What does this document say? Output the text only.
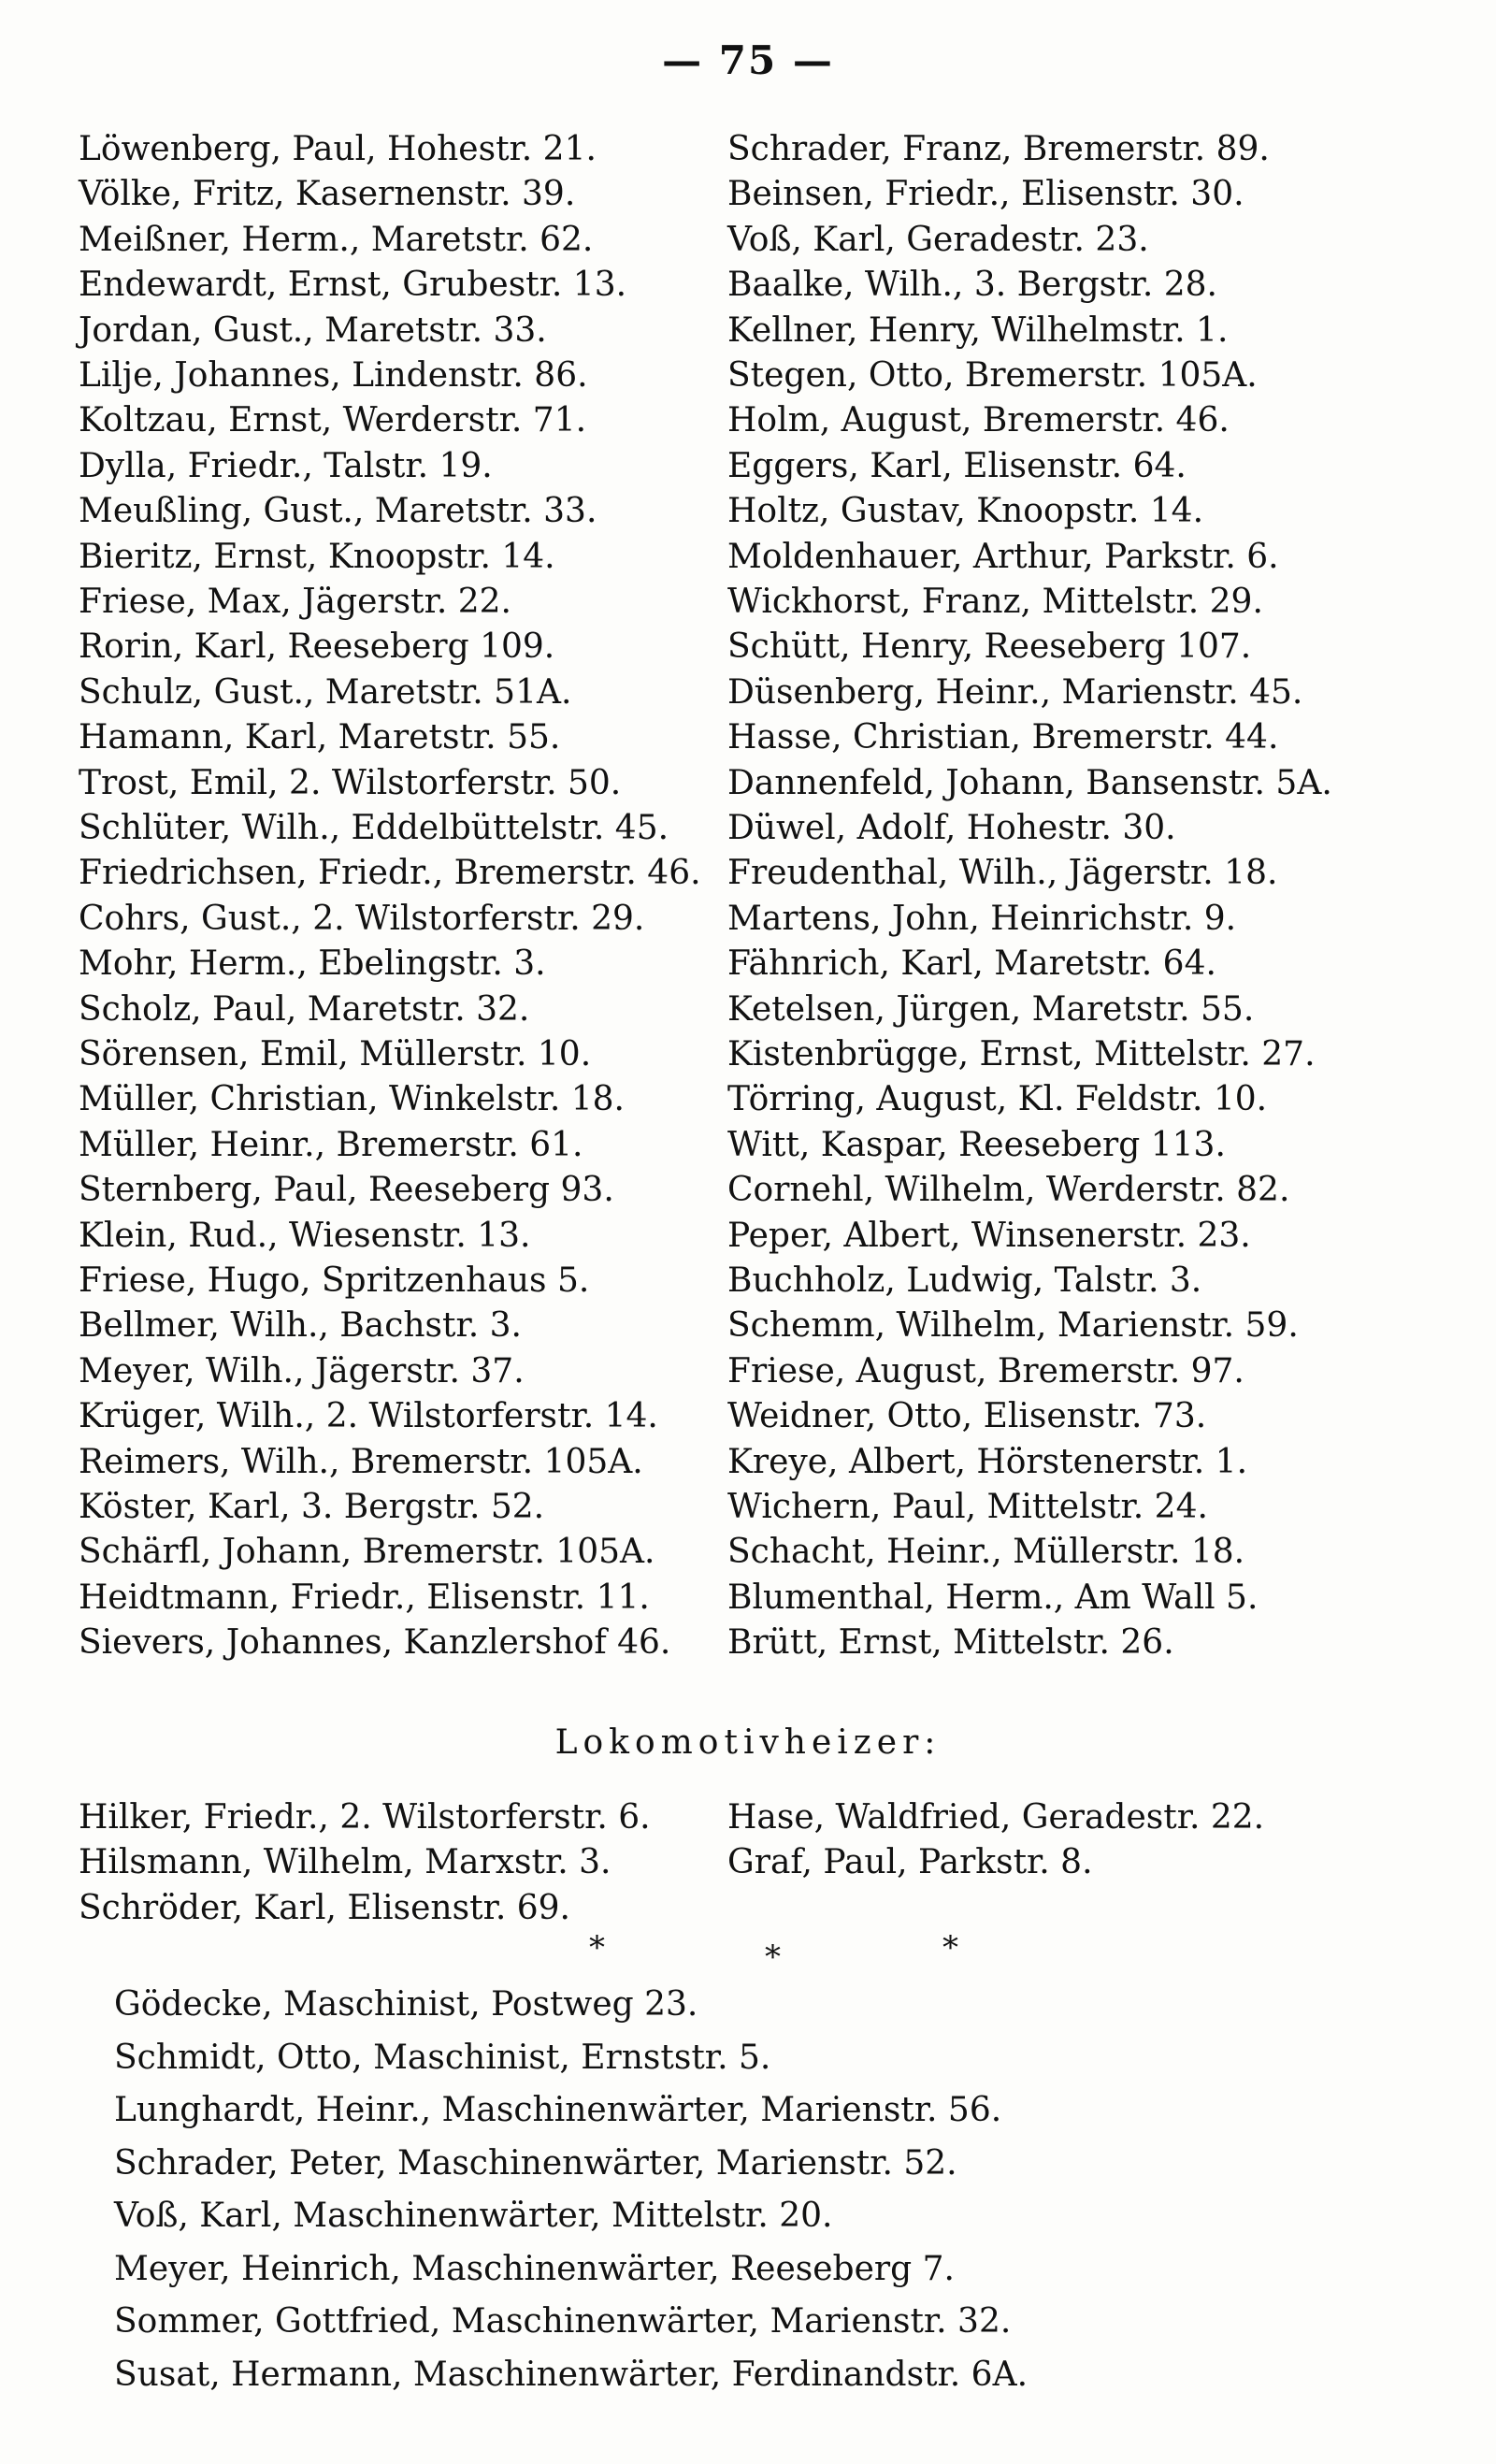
— 75 —
Löwenberg, Paul, Hohestr. 21.
Völke, Fritz, Kasernenstr. 39.
Meißner, Herm., Maretstr. 62.
Endewardt, Ernst, Grubestr. 13.
Jordan, Gust., Maretstr. 33.
Lilje, Johannes, Lindenstr. 86.
Koltzau, Ernst, Werderstr. 71.
Dylla, Friedr., Talstr. 19.
Meußling, Gust., Maretstr. 33.
Bieritz, Ernst, Knoopstr. 14.
Friese, Max, Jägerstr. 22.
Rorin, Karl, Reeseberg 109.
Schulz, Gust., Maretstr. 51A.
Hamann, Karl, Maretstr. 55.
Trost, Emil, 2. Wilstorferstr. 50.
Schlüter, Wilh., Eddelbüttelstr. 45.
Friedrichsen, Friedr., Bremerstr. 46.
Cohrs, Gust., 2. Wilstorferstr. 29.
Mohr, Herm., Ebelingstr. 3.
Scholz, Paul, Maretstr. 32.
Sörensen, Emil, Müllerstr. 10.
Müller, Christian, Winkelstr. 18.
Müller, Heinr., Bremerstr. 61.
Sternberg, Paul, Reeseberg 93.
Klein, Rud., Wiesenstr. 13.
Friese, Hugo, Spritzenhaus 5.
Bellmer, Wilh., Bachstr. 3.
Meyer, Wilh., Jägerstr. 37.
Krüger, Wilh., 2. Wilstorferstr. 14.
Reimers, Wilh., Bremerstr. 105A.
Köster, Karl, 3. Bergstr. 52.
Schärfl, Johann, Bremerstr. 105A.
Heidtmann, Friedr., Elisenstr. 11.
Sievers, Johannes, Kanzlershof 46.
Schrader, Franz, Bremerstr. 89.
Beinsen, Friedr., Elisenstr. 30.
Voß, Karl, Geradestr. 23.
Baalke, Wilh., 3. Bergstr. 28.
Kellner, Henry, Wilhelmstr. 1.
Stegen, Otto, Bremerstr. 105A.
Holm, August, Bremerstr. 46.
Eggers, Karl, Elisenstr. 64.
Holtz, Gustav, Knoopstr. 14.
Moldenhauer, Arthur, Parkstr. 6.
Wickhorst, Franz, Mittelstr. 29.
Schütt, Henry, Reeseberg 107.
Düsenberg, Heinr., Marienstr. 45.
Hasse, Christian, Bremerstr. 44.
Dannenfeld, Johann, Bansenstr. 5A.
Düwel, Adolf, Hohestr. 30.
Freudenthal, Wilh., Jägerstr. 18.
Martens, John, Heinrichstr. 9.
Fähnrich, Karl, Maretstr. 64.
Ketelsen, Jürgen, Maretstr. 55.
Kistenbrügge, Ernst, Mittelstr. 27.
Törring, August, Kl. Feldstr. 10.
Witt, Kaspar, Reeseberg 113.
Cornehl, Wilhelm, Werderstr. 82.
Peper, Albert, Winsenerstr. 23.
Buchholz, Ludwig, Talstr. 3.
Schemm, Wilhelm, Marienstr. 59.
Friese, August, Bremerstr. 97.
Weidner, Otto, Elisenstr. 73.
Kreye, Albert, Hörstenerstr. 1.
Wichern, Paul, Mittelstr. 24.
Schacht, Heinr., Müllerstr. 18.
Blumenthal, Herm., Am Wall 5.
Brütt, Ernst, Mittelstr. 26.
Lokomotivheizer:
Hilker, Friedr., 2. Wilstorferstr. 6.
Hilsmann, Wilhelm, Marxstr. 3.
Schröder, Karl, Elisenstr. 69.
Hase, Waldfried, Geradestr. 22.
Graf, Paul, Parkstr. 8.
*	*	*
Gödecke, Maschinist, Postweg 23.
Schmidt, Otto, Maschinist, Ernststr. 5.
Lunghardt, Heinr., Maschinenwärter, Marienstr. 56.
Schrader, Peter, Maschinenwärter, Marienstr. 52.
Voß, Karl, Maschinenwärter, Mittelstr. 20.
Meyer, Heinrich, Maschinenwärter, Reeseberg 7.
Sommer, Gottfried, Maschinenwärter, Marienstr. 32.
Susat, Hermann, Maschinenwärter, Ferdinandstr. 6A.
